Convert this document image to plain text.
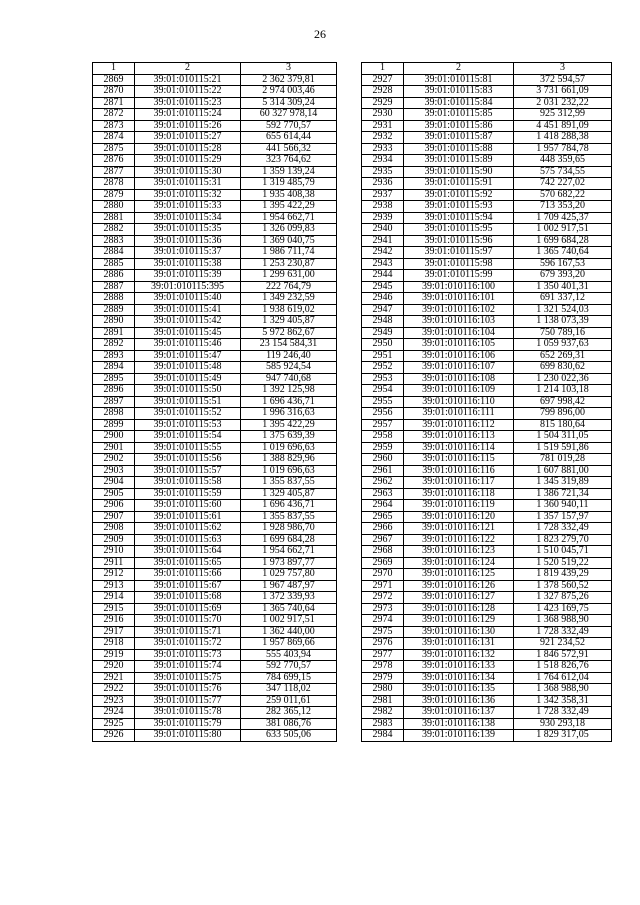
26
1	2	3
2869	39:01:010115:21	2 362 379,81
2870	39:01:010115:22	2 974 003,46
2871	39:01:010115:23	5 314 309,24
2872	39:01:010115:24	60 327 978,14
2873	39:01:010115:26	592 770,57
2874	39:01:010115:27	655 614,44
2875	39:01:010115:28	441 566,32
2876	39:01:010115:29	323 764,62
2877	39:01:010115:30	1 359 139,24
2878	39:01:010115:31	1 319 485,79
2879	39:01:010115:32	1 935 408,38
2880	39:01:010115:33	1 395 422,29
2881	39:01:010115:34	1 954 662,71
2882	39:01:010115:35	1 326 099,83
2883	39:01:010115:36	1 369 040,75
2884	39:01:010115:37	1 986 711,74
2885	39:01:010115:38	1 253 230,87
2886	39:01:010115:39	1 299 631,00
2887	39:01:010115:395	222 764,79
2888	39:01:010115:40	1 349 232,59
2889	39:01:010115:41	1 938 619,02
2890	39:01:010115:42	1 329 405,87
2891	39:01:010115:45	5 972 862,67
2892	39:01:010115:46	23 154 584,31
2893	39:01:010115:47	119 246,40
2894	39:01:010115:48	585 924,54
2895	39:01:010115:49	947 740,68
2896	39:01:010115:50	1 392 125,98
2897	39:01:010115:51	1 696 436,71
2898	39:01:010115:52	1 996 316,63
2899	39:01:010115:53	1 395 422,29
2900	39:01:010115:54	1 375 639,39
2901	39:01:010115:55	1 019 696,63
2902	39:01:010115:56	1 388 829,96
2903	39:01:010115:57	1 019 696,63
2904	39:01:010115:58	1 355 837,55
2905	39:01:010115:59	1 329 405,87
2906	39:01:010115:60	1 696 436,71
2907	39:01:010115:61	1 355 837,55
2908	39:01:010115:62	1 928 986,70
2909	39:01:010115:63	1 699 684,28
2910	39:01:010115:64	1 954 662,71
2911	39:01:010115:65	1 973 897,77
2912	39:01:010115:66	1 029 757,80
2913	39:01:010115:67	1 967 487,97
2914	39:01:010115:68	1 372 339,93
2915	39:01:010115:69	1 365 740,64
2916	39:01:010115:70	1 002 917,51
2917	39:01:010115:71	1 362 440,00
2918	39:01:010115:72	1 957 869,66
2919	39:01:010115:73	555 403,94
2920	39:01:010115:74	592 770,57
2921	39:01:010115:75	784 699,15
2922	39:01:010115:76	347 118,02
2923	39:01:010115:77	259 011,61
2924	39:01:010115:78	282 365,12
2925	39:01:010115:79	381 086,76
2926	39:01:010115:80	633 505,06
1	2	3
2927	39:01:010115:81	372 594,57
2928	39:01:010115:83	3 731 661,09
2929	39:01:010115:84	2 031 232,22
2930	39:01:010115:85	925 312,99
2931	39:01:010115:86	4 451 891,09
2932	39:01:010115:87	1 418 288,38
2933	39:01:010115:88	1 957 784,78
2934	39:01:010115:89	448 359,65
2935	39:01:010115:90	575 734,55
2936	39:01:010115:91	742 227,02
2937	39:01:010115:92	570 682,22
2938	39:01:010115:93	713 353,20
2939	39:01:010115:94	1 709 425,37
2940	39:01:010115:95	1 002 917,51
2941	39:01:010115:96	1 699 684,28
2942	39:01:010115:97	1 365 740,64
2943	39:01:010115:98	596 167,53
2944	39:01:010115:99	679 393,20
2945	39:01:010116:100	1 350 401,31
2946	39:01:010116:101	691 337,12
2947	39:01:010116:102	1 321 524,03
2948	39:01:010116:103	1 138 073,39
2949	39:01:010116:104	750 789,16
2950	39:01:010116:105	1 059 937,63
2951	39:01:010116:106	652 269,31
2952	39:01:010116:107	699 830,62
2953	39:01:010116:108	1 230 022,36
2954	39:01:010116:109	1 214 103,18
2955	39:01:010116:110	697 998,42
2956	39:01:010116:111	799 896,00
2957	39:01:010116:112	815 180,64
2958	39:01:010116:113	1 504 311,05
2959	39:01:010116:114	1 519 591,86
2960	39:01:010116:115	781 019,28
2961	39:01:010116:116	1 607 881,00
2962	39:01:010116:117	1 345 319,89
2963	39:01:010116:118	1 386 721,34
2964	39:01:010116:119	1 360 940,11
2965	39:01:010116:120	1 357 157,97
2966	39:01:010116:121	1 728 332,49
2967	39:01:010116:122	1 823 279,70
2968	39:01:010116:123	1 510 045,71
2969	39:01:010116:124	1 520 519,22
2970	39:01:010116:125	1 819 439,29
2971	39:01:010116:126	1 378 560,52
2972	39:01:010116:127	1 327 875,26
2973	39:01:010116:128	1 423 169,75
2974	39:01:010116:129	1 368 988,90
2975	39:01:010116:130	1 728 332,49
2976	39:01:010116:131	921 234,52
2977	39:01:010116:132	1 846 572,91
2978	39:01:010116:133	1 518 826,76
2979	39:01:010116:134	1 764 612,04
2980	39:01:010116:135	1 368 988,90
2981	39:01:010116:136	1 342 358,31
2982	39:01:010116:137	1 728 332,49
2983	39:01:010116:138	930 293,18
2984	39:01:010116:139	1 829 317,05
